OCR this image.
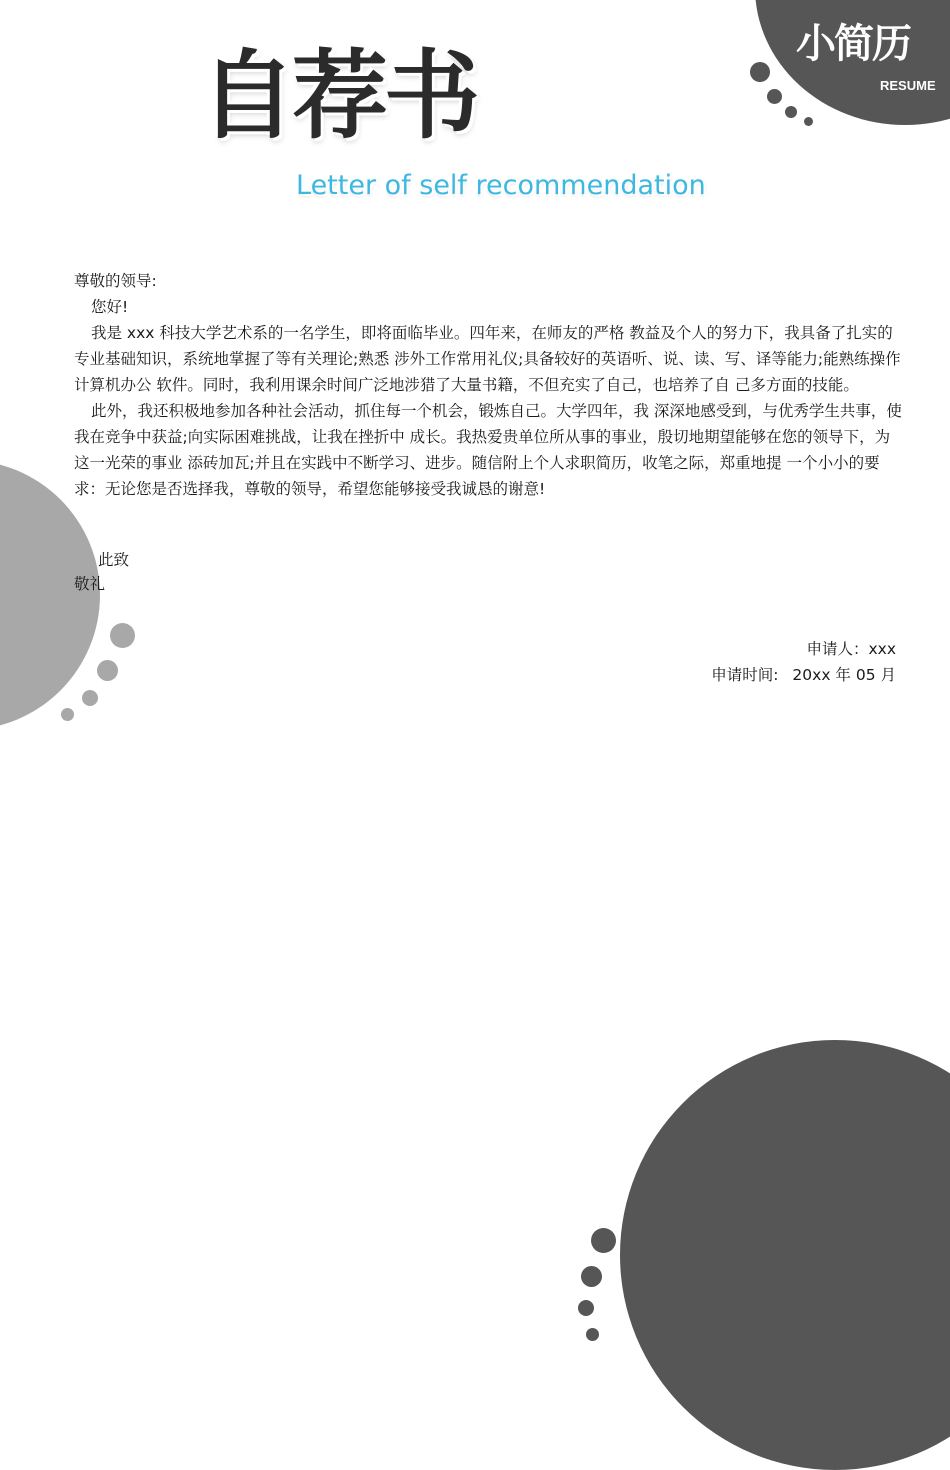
小简历
RESUME
自荐书
Letter of self recommendation

尊敬的领导:

您好!

我是 xxx 科技大学艺术系的一名学生，即将面临毕业。四年来，在师友的严格 教益及个人的努力下，我具备了扎实的专业基础知识，系统地掌握了等有关理论;熟悉 涉外工作常用礼仪;具备较好的英语听、说、读、写、译等能力;能熟练操作计算机办公 软件。同时，我利用课余时间广泛地涉猎了大量书籍，不但充实了自己，也培养了自 己多方面的技能。

此外，我还积极地参加各种社会活动，抓住每一个机会，锻炼自己。大学四年，我 深深地感受到，与优秀学生共事，使我在竞争中获益;向实际困难挑战，让我在挫折中 成长。我热爱贵单位所从事的事业，殷切地期望能够在您的领导下，为这一光荣的事业 添砖加瓦;并且在实践中不断学习、进步。随信附上个人求职简历，收笔之际，郑重地提 一个小小的要求：无论您是否选择我，尊敬的领导，希望您能够接受我诚恳的谢意!

此致
敬礼
申请人：xxx
申请时间: 20xx 年 05 月
